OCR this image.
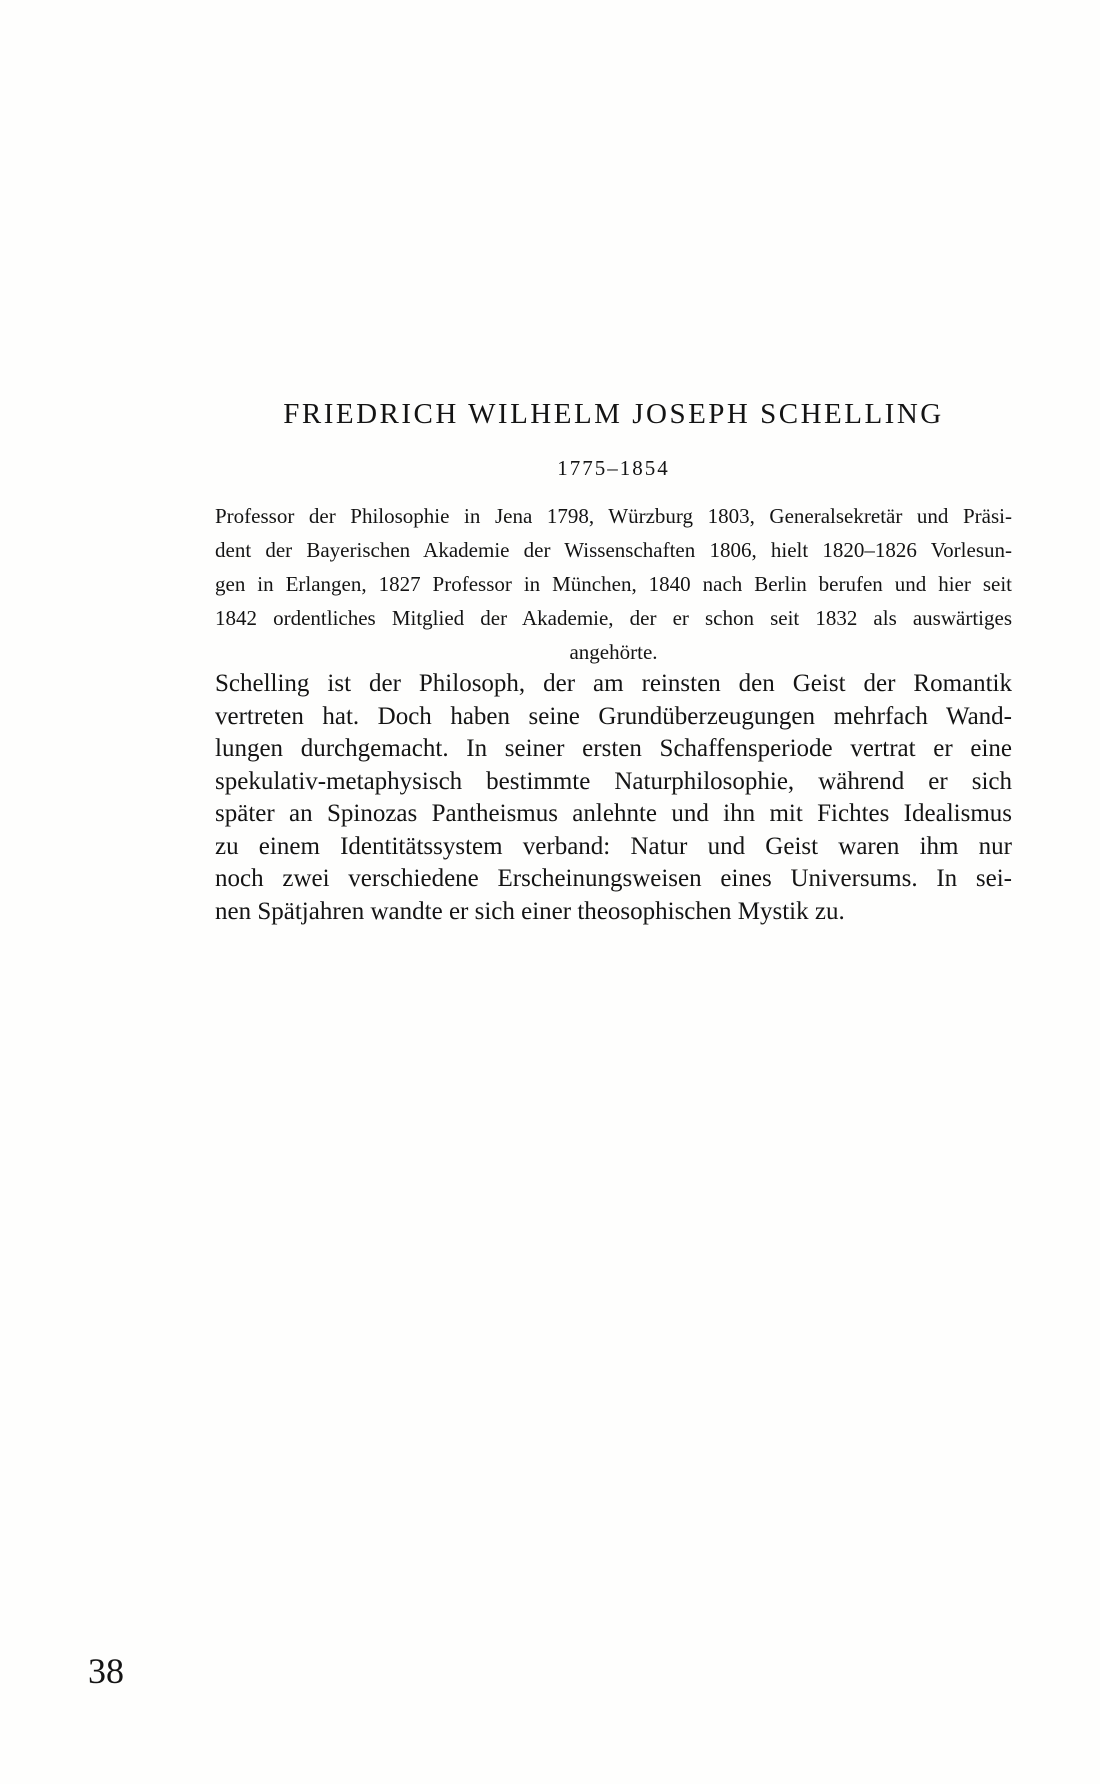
FRIEDRICH WILHELM JOSEPH SCHELLING
1775–1854
Professor der Philosophie in Jena 1798, Würzburg 1803, Generalsekretär und Präsi-
dent der Bayerischen Akademie der Wissenschaften 1806, hielt 1820–1826 Vorlesun-
gen in Erlangen, 1827 Professor in München, 1840 nach Berlin berufen und hier seit
1842 ordentliches Mitglied der Akademie, der er schon seit 1832 als auswärtiges
angehörte.
Schelling ist der Philosoph, der am reinsten den Geist der Romantik
vertreten hat. Doch haben seine Grundüberzeugungen mehrfach Wand-
lungen durchgemacht. In seiner ersten Schaffensperiode vertrat er eine
spekulativ-metaphysisch bestimmte Naturphilosophie, während er sich
später an Spinozas Pantheismus anlehnte und ihn mit Fichtes Idealismus
zu einem Identitätssystem verband: Natur und Geist waren ihm nur
noch zwei verschiedene Erscheinungsweisen eines Universums. In sei-
nen Spätjahren wandte er sich einer theosophischen Mystik zu.
38
